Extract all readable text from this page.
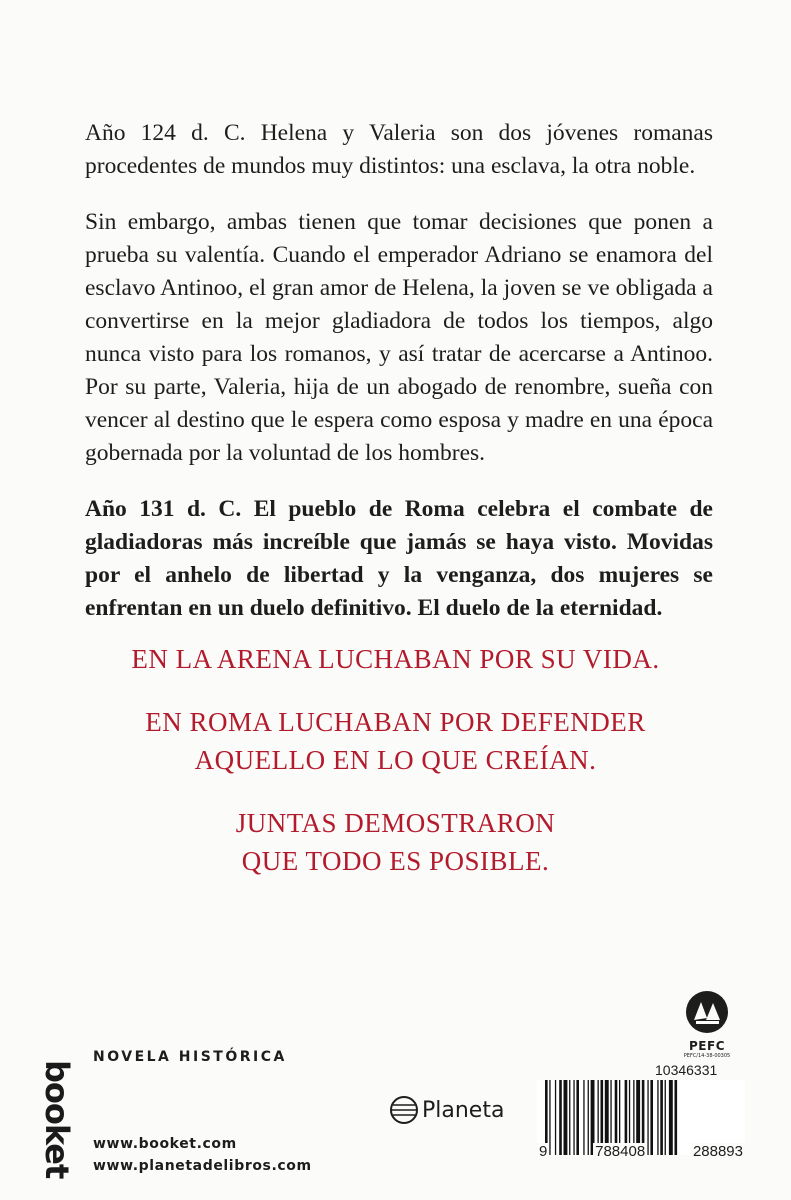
Año 124 d. C. Helena y Valeria son dos jóvenes romanas procedentes de mundos muy distintos: una esclava, la otra noble.

Sin embargo, ambas tienen que tomar decisiones que ponen a prueba su valentía. Cuando el emperador Adriano se enamora del esclavo Antinoo, el gran amor de Helena, la joven se ve obligada a convertirse en la mejor gladiadora de todos los tiempos, algo nunca visto para los romanos, y así tratar de acercarse a Antinoo. Por su parte, Valeria, hija de un abogado de renombre, sueña con vencer al destino que le espera como esposa y madre en una época gobernada por la voluntad de los hombres.

Año 131 d. C. El pueblo de Roma celebra el combate de gladiadoras más increíble que jamás se haya visto. Movidas por el anhelo de libertad y la venganza, dos mujeres se enfrentan en un duelo definitivo. El duelo de la eternidad.

EN LA ARENA LUCHABAN POR SU VIDA.

EN ROMA LUCHABAN POR DEFENDER
AQUELLO EN LO QUE CREÍAN.

JUNTAS DEMOSTRARON
QUE TODO ES POSIBLE.

booket
NOVELA HISTÓRICA
www.booket.com
www.planetadelibros.com
Planeta
PEFC
PEFC/14-38-00305
10346331
9	788408	288893
